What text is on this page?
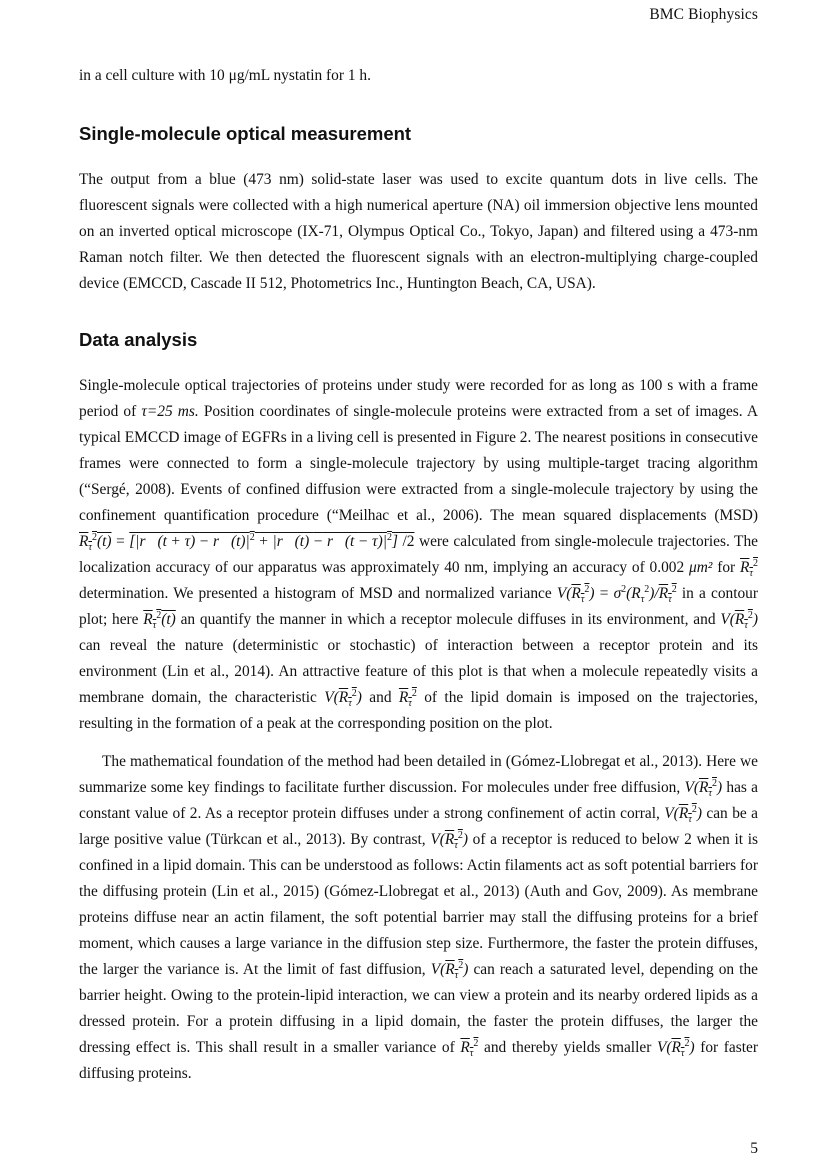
BMC Biophysics

in a cell culture with 10 μg/mL nystatin for 1 h.

Single-molecule optical measurement

The output from a blue (473 nm) solid-state laser was used to excite quantum dots in live cells. The fluorescent signals were collected with a high numerical aperture (NA) oil immersion objective lens mounted on an inverted optical microscope (IX-71, Olympus Optical Co., Tokyo, Japan) and filtered using a 473-nm Raman notch filter. We then detected the fluorescent signals with an electron-multiplying charge-coupled device (EMCCD, Cascade II 512, Photometrics Inc., Huntington Beach, CA, USA).

Data analysis

Single-molecule optical trajectories of proteins under study were recorded for as long as 100 s with a frame period of τ=25 ms. Position coordinates of single-molecule proteins were extracted from a set of images. A typical EMCCD image of EGFRs in a living cell is presented in Figure 2. The nearest positions in consecutive frames were connected to form a single-molecule trajectory by using multiple-target tracing algorithm (“Sergé, 2008). Events of confined diffusion were extracted from a single-molecule trajectory by using the confinement quantification procedure (“Meilhac et al., 2006). The mean squared displacements (MSD) $R_\tau^2(t)$ = [|r⃗(t + $\tau) - r⃗(t)|^2$ + |r⃗(t) − r⃗(t − $\tau)|^2$] /2 were calculated from single-molecule trajectories. The localization accuracy of our apparatus was approximately 40 nm, implying an accuracy of 0.002 μm² for $R_\tau^2$ determination. We presented a histogram of MSD and normalized variance $V(R_\tau^2) = \sigma^2(R_\tau^2)/R_\tau^2$ in a contour plot; here $R_\tau^2(t)$ an quantify the manner in which a receptor molecule diffuses in its environment, and $V(R_\tau^2)$ can reveal the nature (deterministic or stochastic) of interaction between a receptor protein and its environment (Lin et al., 2014). An attractive feature of this plot is that when a molecule repeatedly visits a membrane domain, the characteristic $V(R_\tau^2)$ and $R_\tau^2$ of the lipid domain is imposed on the trajectories, resulting in the formation of a peak at the corresponding position on the plot.

The mathematical foundation of the method had been detailed in (Gómez-Llobregat et al., 2013). Here we summarize some key findings to facilitate further discussion. For molecules under free diffusion, $V(R_\tau^2)$ has a constant value of 2. As a receptor protein diffuses under a strong confinement of actin corral, $V(R_\tau^2)$ can be a large positive value (Türkcan et al., 2013). By contrast, $V(R_\tau^2)$ of a receptor is reduced to below 2 when it is confined in a lipid domain. This can be understood as follows: Actin filaments act as soft potential barriers for the diffusing protein (Lin et al., 2015) (Gómez-Llobregat et al., 2013) (Auth and Gov, 2009). As membrane proteins diffuse near an actin filament, the soft potential barrier may stall the diffusing proteins for a brief moment, which causes a large variance in the diffusion step size. Furthermore, the faster the protein diffuses, the larger the variance is. At the limit of fast diffusion, $V(R_\tau^2)$ can reach a saturated level, depending on the barrier height. Owing to the protein-lipid interaction, we can view a protein and its nearby ordered lipids as a dressed protein. For a protein diffusing in a lipid domain, the faster the protein diffuses, the larger the dressing effect is. This shall result in a smaller variance of $R_\tau^2$ and thereby yields smaller $V(R_\tau^2)$ for faster diffusing proteins.

5
